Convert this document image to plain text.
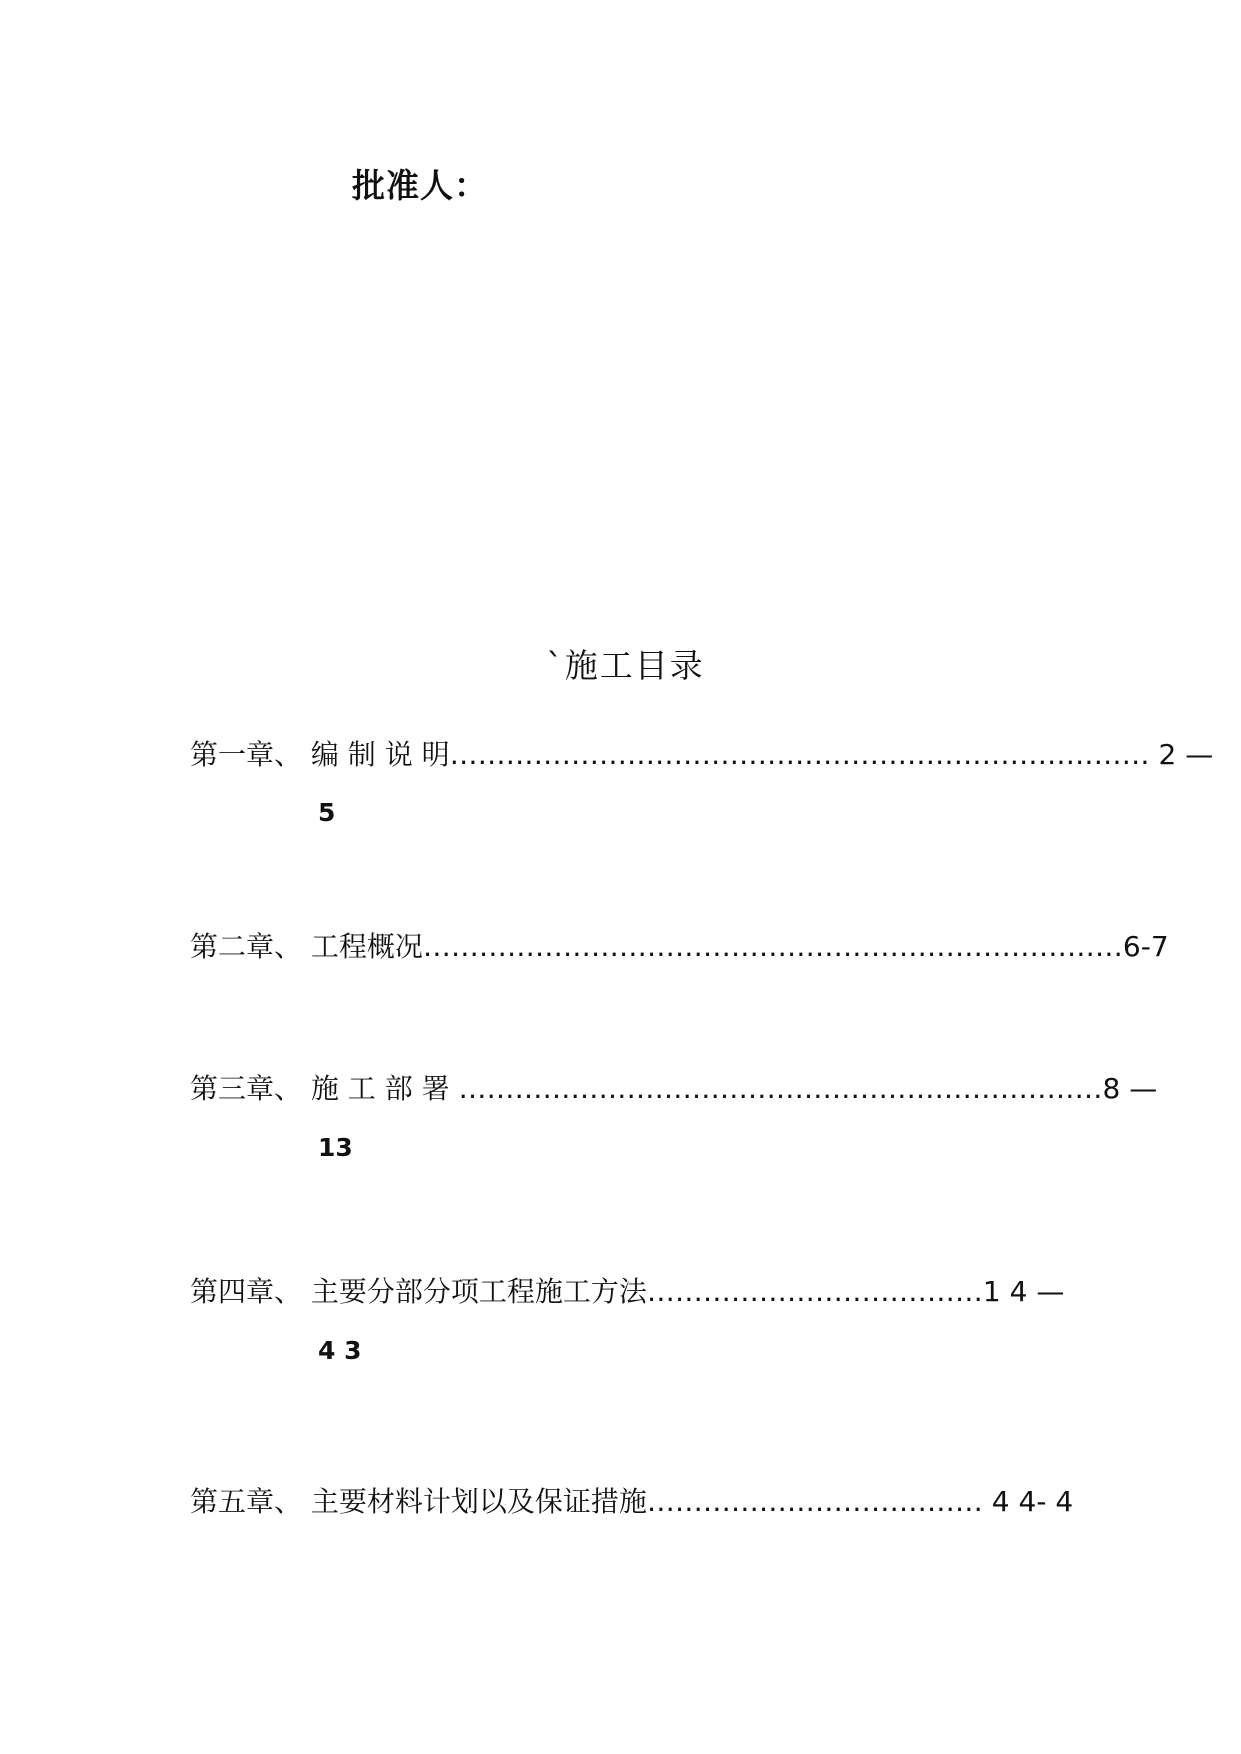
批准人：
`施工目录
第一章、 编 制 说 明………………………………………………………………… 2 —
5
第二章、 工程概况…………………………………………………………………6-7
第三章、 施 工 部 署 ……………………………………………………………8 —
13
第四章、 主要分部分项工程施工方法………………………………1 4 —
4 3
第五章、 主要材料计划以及保证措施……………………………… 4 4- 4
